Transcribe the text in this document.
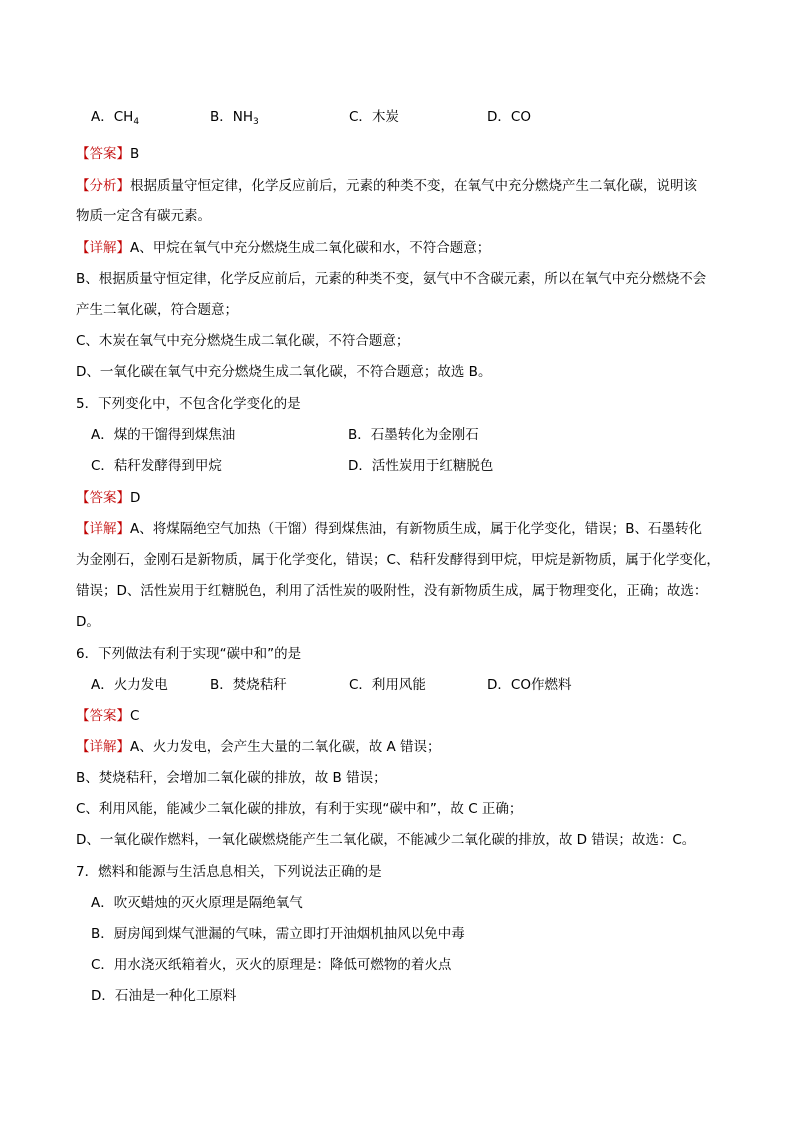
A．$CH_4$	B．$NH_3$	C．木炭	D．CO
【答案】B
【分析】根据质量守恒定律，化学反应前后，元素的种类不变，在氧气中充分燃烧产生二氧化碳，说明该
物质一定含有碳元素。
【详解】A、甲烷在氧气中充分燃烧生成二氧化碳和水，不符合题意；
B、根据质量守恒定律，化学反应前后，元素的种类不变，氨气中不含碳元素，所以在氧气中充分燃烧不会
产生二氧化碳，符合题意；
C、木炭在氧气中充分燃烧生成二氧化碳，不符合题意；
D、一氧化碳在氧气中充分燃烧生成二氧化碳，不符合题意；故选 B。
5．下列变化中，不包含化学变化的是
A．煤的干馏得到煤焦油	B．石墨转化为金刚石
C．秸秆发酵得到甲烷	D．活性炭用于红糖脱色
【答案】D
【详解】A、将煤隔绝空气加热（干馏）得到煤焦油，有新物质生成，属于化学变化，错误；B、石墨转化
为金刚石，金刚石是新物质，属于化学变化，错误；C、秸秆发酵得到甲烷，甲烷是新物质，属于化学变化，
错误；D、活性炭用于红糖脱色，利用了活性炭的吸附性，没有新物质生成，属于物理变化，正确；故选：
D。
6．下列做法有利于实现“碳中和”的是
A．火力发电	B．焚烧秸秆	C．利用风能	D．CO作燃料
【答案】C
【详解】A、火力发电，会产生大量的二氧化碳，故 A 错误；
B、焚烧秸秆，会增加二氧化碳的排放，故 B 错误；
C、利用风能，能减少二氧化碳的排放，有利于实现“碳中和”，故 C 正确；
D、一氧化碳作燃料，一氧化碳燃烧能产生二氧化碳，不能减少二氧化碳的排放，故 D 错误；故选：C。
7．燃料和能源与生活息息相关，下列说法正确的是
A．吹灭蜡烛的灭火原理是隔绝氧气
B．厨房闻到煤气泄漏的气味，需立即打开油烟机抽风以免中毒
C．用水浇灭纸箱着火，灭火的原理是：降低可燃物的着火点
D．石油是一种化工原料
